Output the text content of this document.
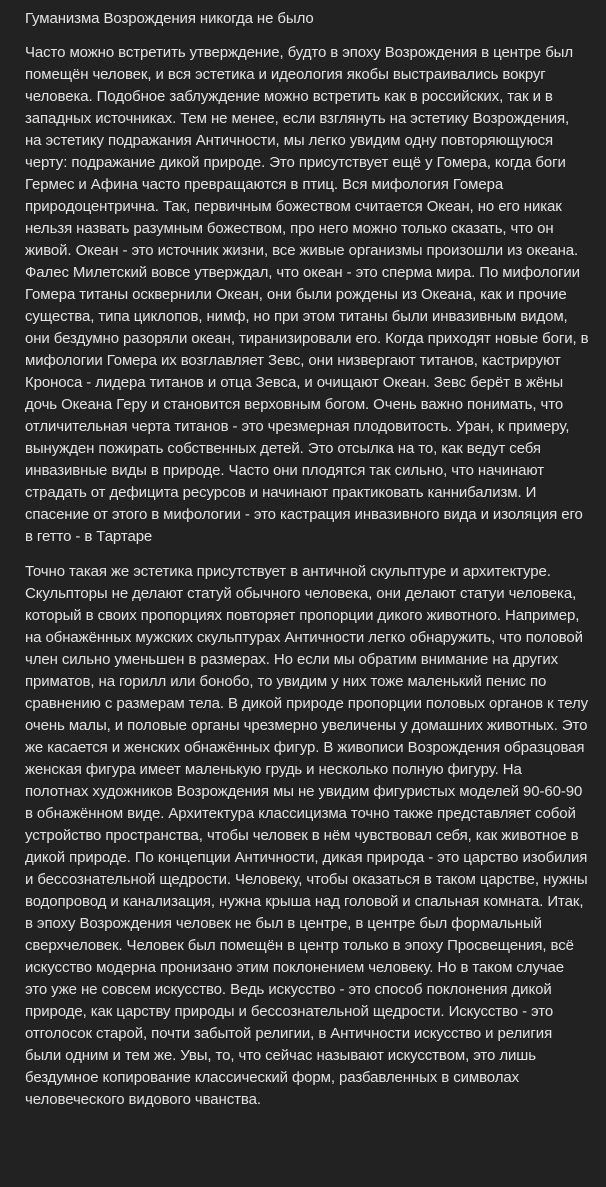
Гуманизма Возрождения никогда не было

Часто можно встретить утверждение, будто в эпоху Возрождения в центре был помещён человек, и вся эстетика и идеология якобы выстраивались вокруг человека. Подобное заблуждение можно встретить как в российских, так и в западных источниках. Тем не менее, если взглянуть на эстетику Возрождения, на эстетику подражания Античности, мы легко увидим одну повторяющуюся черту: подражание дикой природе. Это присутствует ещё у Гомера, когда боги Гермес и Афина часто превращаются в птиц. Вся мифология Гомера природоцентрична. Так, первичным божеством считается Океан, но его никак нельзя назвать разумным божеством, про него можно только сказать, что он живой. Океан - это источник жизни, все живые организмы произошли из океана. Фалес Милетский вовсе утверждал, что океан - это сперма мира. По мифологии Гомера титаны осквернили Океан, они были рождены из Океана, как и прочие существа, типа циклопов, нимф, но при этом титаны были инвазивным видом, они бездумно разоряли океан, тиранизировали его. Когда приходят новые боги, в мифологии Гомера их возглавляет Зевс, они низвергают титанов, кастрируют Кроноса - лидера титанов и отца Зевса, и очищают Океан. Зевс берёт в жёны дочь Океана Геру и становится верховным богом. Очень важно понимать, что отличительная черта титанов - это чрезмерная плодовитость. Уран, к примеру, вынужден пожирать собственных детей. Это отсылка на то, как ведут себя инвазивные виды в природе. Часто они плодятся так сильно, что начинают страдать от дефицита ресурсов и начинают практиковать каннибализм. И спасение от этого в мифологии - это кастрация инвазивного вида и изоляция его в гетто - в Тартаре

Точно такая же эстетика присутствует в античной скульптуре и архитектуре. Скульпторы не делают статуй обычного человека, они делают статуи человека, который в своих пропорциях повторяет пропорции дикого животного. Например, на обнажённых мужских скульптурах Античности легко обнаружить, что половой член сильно уменьшен в размерах. Но если мы обратим внимание на других приматов, на горилл или бонобо, то увидим у них тоже маленький пенис по сравнению с размерам тела. В дикой природе пропорции половых органов к телу очень малы, и половые органы чрезмерно увеличены у домашних животных. Это же касается и женских обнажённых фигур. В живописи Возрождения образцовая женская фигура имеет маленькую грудь и несколько полную фигуру. На полотнах художников Возрождения мы не увидим фигуристых моделей 90-60-90 в обнажённом виде. Архитектура классицизма точно также представляет собой устройство пространства, чтобы человек в нём чувствовал себя, как животное в дикой природе. По концепции Античности, дикая природа - это царство изобилия и бессознательной щедрости. Человеку, чтобы оказаться в таком царстве, нужны водопровод и канализация, нужна крыша над головой и спальная комната. Итак, в эпоху Возрождения человек не был в центре, в центре был формальный сверхчеловек. Человек был помещён в центр только в эпоху Просвещения, всё искусство модерна пронизано этим поклонением человеку. Но в таком случае это уже не совсем искусство. Ведь искусство - это способ поклонения дикой природе, как царству природы и бессознательной щедрости. Искусство - это отголосок старой, почти забытой религии, в Античности искусство и религия были одним и тем же. Увы, то, что сейчас называют искусством, это лишь бездумное копирование классический форм, разбавленных в символах человеческого видового чванства.
